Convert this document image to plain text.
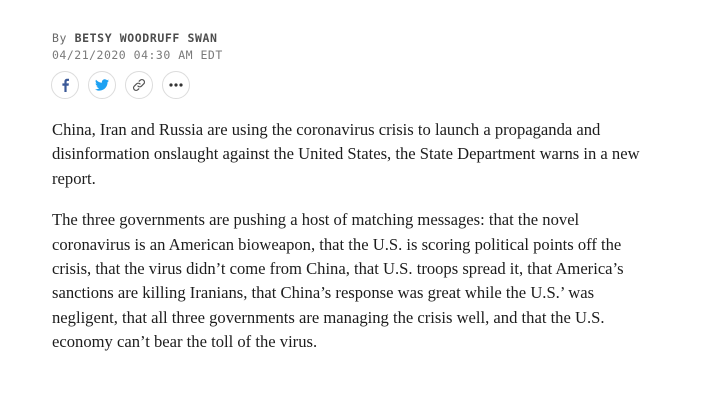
By BETSY WOODRUFF SWAN
04/21/2020 04:30 AM EDT

China, Iran and Russia are using the coronavirus crisis to launch a propaganda and disinformation onslaught against the United States, the State Department warns in a new report.

The three governments are pushing a host of matching messages: that the novel coronavirus is an American bioweapon, that the U.S. is scoring political points off the crisis, that the virus didn’t come from China, that U.S. troops spread it, that America’s sanctions are killing Iranians, that China’s response was great while the U.S.’ was negligent, that all three governments are managing the crisis well, and that the U.S. economy can’t bear the toll of the virus.
